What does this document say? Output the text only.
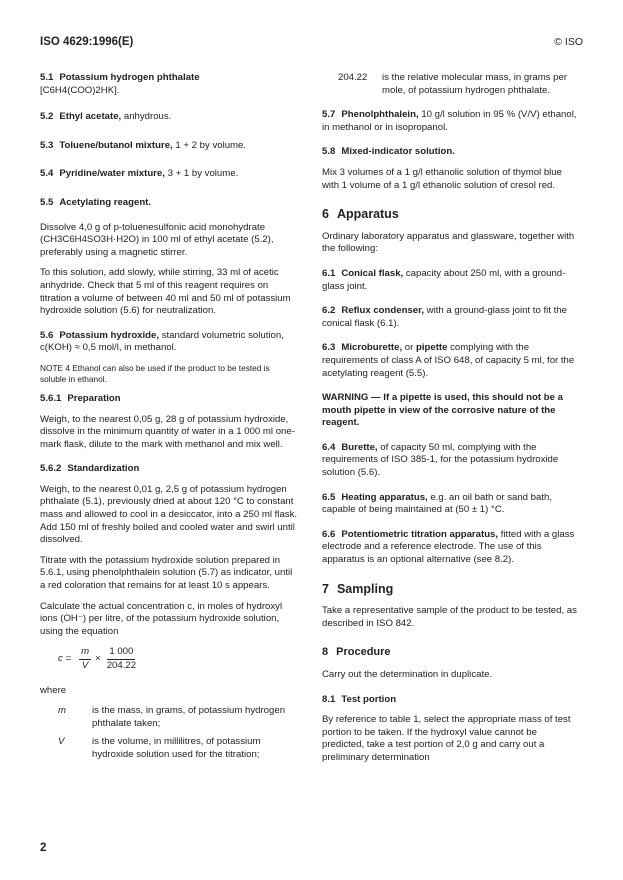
ISO 4629:1996(E)	© ISO

5.1 Potassium hydrogen phthalate
[C6H4(COO)2HK].

5.2 Ethyl acetate, anhydrous.

5.3 Toluene/butanol mixture, 1 + 2 by volume.

5.4 Pyridine/water mixture, 3 + 1 by volume.

5.5 Acetylating reagent.

Dissolve 4,0 g of p-toluenesulfonic acid monohydrate (CH3C6H4SO3H·H2O) in 100 ml of ethyl acetate (5.2), preferably using a magnetic stirrer.

To this solution, add slowly, while stirring, 33 ml of acetic anhydride. Check that 5 ml of this reagent requires on titration a volume of between 40 ml and 50 ml of potassium hydroxide solution (5.6) for neutralization.

5.6 Potassium hydroxide, standard volumetric solution, c(KOH) ≈ 0,5 mol/l, in methanol.

NOTE 4 Ethanol can also be used if the product to be tested is soluble in ethanol.

5.6.1 Preparation

Weigh, to the nearest 0,05 g, 28 g of potassium hydroxide, dissolve in the minimum quantity of water in a 1 000 ml one-mark flask, dilute to the mark with methanol and mix well.

5.6.2 Standardization

Weigh, to the nearest 0,01 g, 2,5 g of potassium hydrogen phthalate (5.1), previously dried at about 120 °C to constant mass and allowed to cool in a desiccator, into a 250 ml flask. Add 150 ml of freshly boiled and cooled water and swirl until dissolved.

Titrate with the potassium hydroxide solution prepared in 5.6.1, using phenolphthalein solution (5.7) as indicator, until a red coloration that remains for at least 10 s appears.

Calculate the actual concentration c, in moles of hydroxyl ions (OH⁻) per litre, of the potassium hydroxide solution, using the equation

$c = \frac{m}{V} \times \frac{1 000}{204.22}$

where

m	is the mass, in grams, of potassium hydrogen phthalate taken;
V	is the volume, in millilitres, of potassium hydroxide solution used for the titration;
204.22	is the relative molecular mass, in grams per mole, of potassium hydrogen phthalate.

5.7 Phenolphthalein, 10 g/l solution in 95 % (V/V) ethanol, in methanol or in isopropanol.

5.8 Mixed-indicator solution.

Mix 3 volumes of a 1 g/l ethanolic solution of thymol blue with 1 volume of a 1 g/l ethanolic solution of cresol red.

6 Apparatus

Ordinary laboratory apparatus and glassware, together with the following:

6.1 Conical flask, capacity about 250 ml, with a ground-glass joint.

6.2 Reflux condenser, with a ground-glass joint to fit the conical flask (6.1).

6.3 Microburette, or pipette complying with the requirements of class A of ISO 648, of capacity 5 ml, for the acetylating reagent (5.5).

WARNING — If a pipette is used, this should not be a mouth pipette in view of the corrosive nature of the reagent.

6.4 Burette, of capacity 50 ml, complying with the requirements of ISO 385-1, for the potassium hydroxide solution (5.6).

6.5 Heating apparatus, e.g. an oil bath or sand bath, capable of being maintained at (50 ± 1) °C.

6.6 Potentiometric titration apparatus, fitted with a glass electrode and a reference electrode. The use of this apparatus is an optional alternative (see 8.2).

7 Sampling

Take a representative sample of the product to be tested, as described in ISO 842.

8 Procedure

Carry out the determination in duplicate.

8.1 Test portion

By reference to table 1, select the appropriate mass of test portion to be taken. If the hydroxyl value cannot be predicted, take a test portion of 2,0 g and carry out a preliminary determination

2
